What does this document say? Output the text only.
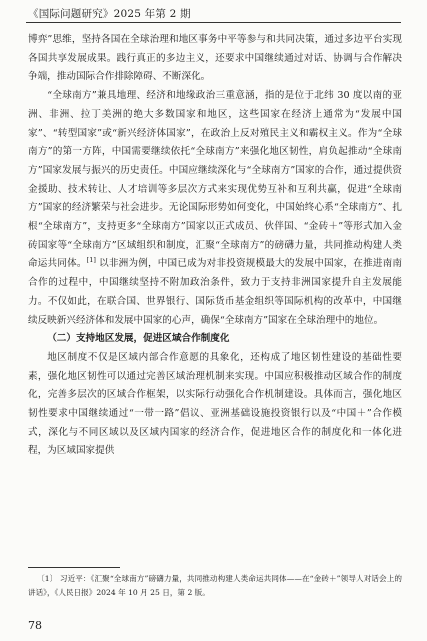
《国际问题研究》2025 年第 2 期

博弈”思维，坚持各国在全球治理和地区事务中平等参与和共同决策，通过多边平台实现各国共享发展成果。践行真正的多边主义，还要求中国继续通过对话、协调与合作解决争端，推动国际合作排除障碍、不断深化。

“全球南方”兼具地理、经济和地缘政治三重意涵，指的是位于北纬 30 度以南的亚洲、非洲、拉丁美洲的绝大多数国家和地区，这些国家在经济上通常为“发展中国家”、“转型国家”或“新兴经济体国家”，在政治上反对殖民主义和霸权主义。作为“全球南方”的第一方阵，中国需要继续依托“全球南方”来强化地区韧性，肩负起推动“全球南方”国家发展与振兴的历史责任。中国应继续深化与“全球南方”国家的合作，通过提供资金援助、技术转让、人才培训等多层次方式来实现优势互补和互利共赢，促进“全球南方”国家的经济繁荣与社会进步。无论国际形势如何变化，中国始终心系“全球南方”、扎根“全球南方”，支持更多“全球南方”国家以正式成员、伙伴国、“金砖＋”等形式加入金砖国家等“全球南方”区域组织和制度，汇聚“全球南方”的磅礴力量，共同推动构建人类命运共同体。[1] 以非洲为例，中国已成为对非投资规模最大的发展中国家，在推进南南合作的过程中，中国继续坚持不附加政治条件，致力于支持非洲国家提升自主发展能力。不仅如此，在联合国、世界银行、国际货币基金组织等国际机构的改革中，中国继续反映新兴经济体和发展中国家的心声，确保“全球南方”国家在全球治理中的地位。

（二）支持地区发展，促进区域合作制度化

地区制度不仅是区域内部合作意愿的具象化，还构成了地区韧性建设的基础性要素，强化地区韧性可以通过完善区域治理机制来实现。中国应积极推动区域合作的制度化，完善多层次的区域合作框架，以实际行动强化合作机制建设。具体而言，强化地区韧性要求中国继续通过“一带一路”倡议、亚洲基础设施投资银行以及“中国＋”合作模式，深化与不同区域以及区域内国家的经济合作，促进地区合作的制度化和一体化进程，为区域国家提供

〔1〕 习近平：《汇聚“全球南方”磅礴力量，共同推动构建人类命运共同体——在“金砖＋”领导人对话会上的讲话》，《人民日报》2024 年 10 月 25 日，第 2 版。
78
